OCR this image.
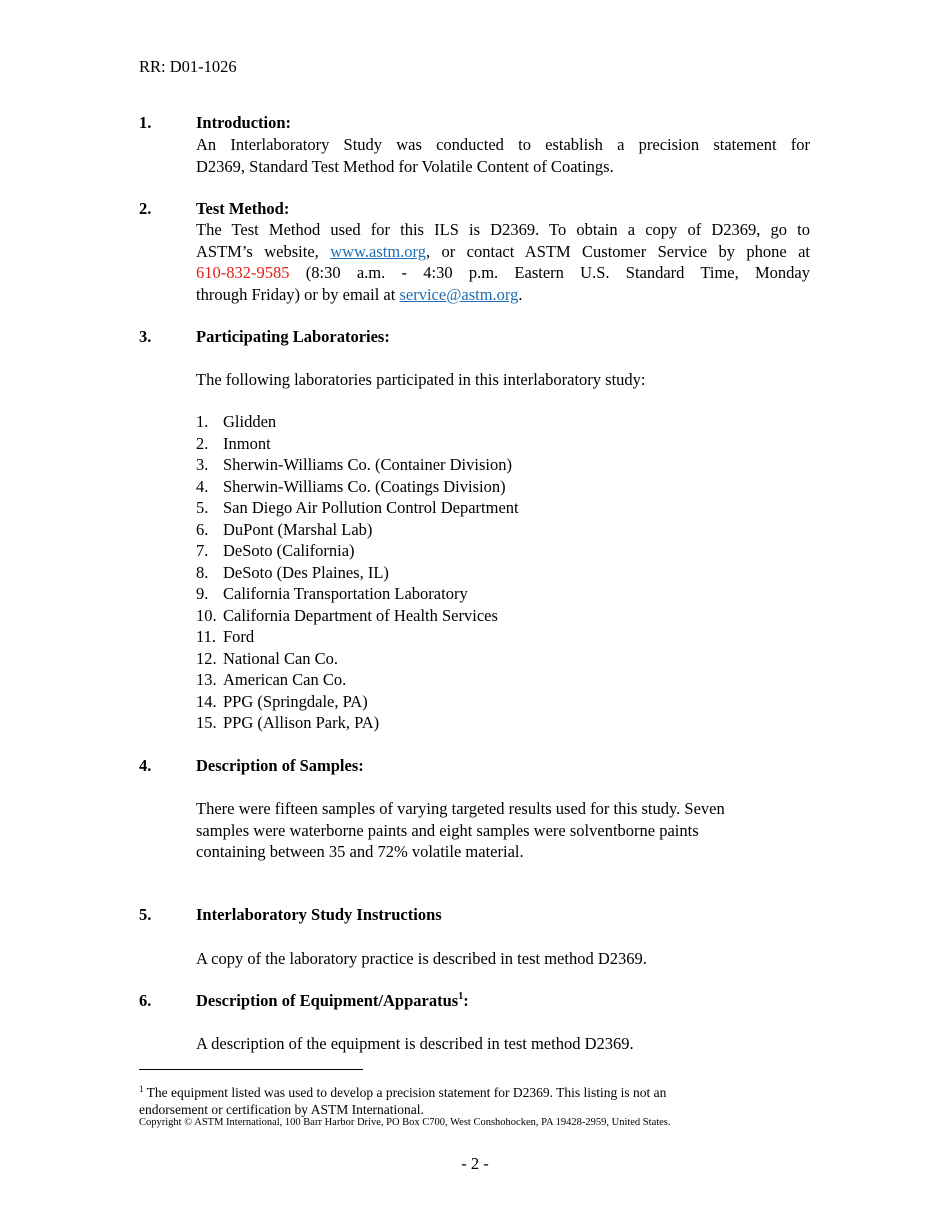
RR: D01-1026
1.	Introduction:
An Interlaboratory Study was conducted to establish a precision statement for
D2369, Standard Test Method for Volatile Content of Coatings.
2.	Test Method:
The Test Method used for this ILS is D2369. To obtain a copy of D2369, go to
ASTM’s website, www.astm.org, or contact ASTM Customer Service by phone at
610-832-9585 (8:30 a.m. - 4:30 p.m. Eastern U.S. Standard Time, Monday
through Friday) or by email at service@astm.org.
3.	Participating Laboratories:
The following laboratories participated in this interlaboratory study:
1. Glidden
2. Inmont
3. Sherwin-Williams Co. (Container Division)
4. Sherwin-Williams Co. (Coatings Division)
5. San Diego Air Pollution Control Department
6. DuPont (Marshal Lab)
7. DeSoto (California)
8. DeSoto (Des Plaines, IL)
9. California Transportation Laboratory
10. California Department of Health Services
11. Ford
12. National Can Co.
13. American Can Co.
14. PPG (Springdale, PA)
15. PPG (Allison Park, PA)
4.	Description of Samples:
There were fifteen samples of varying targeted results used for this study. Seven
samples were waterborne paints and eight samples were solventborne paints
containing between 35 and 72% volatile material.
5.	Interlaboratory Study Instructions
A copy of the laboratory practice is described in test method D2369.
6.	Description of Equipment/Apparatus$^1$:
A description of the equipment is described in test method D2369.
$^1$ The equipment listed was used to develop a precision statement for D2369. This listing is not an
endorsement or certification by ASTM International.
Copyright © ASTM International, 100 Barr Harbor Drive, PO Box C700, West Conshohocken, PA 19428-2959, United States.
- 2 -
